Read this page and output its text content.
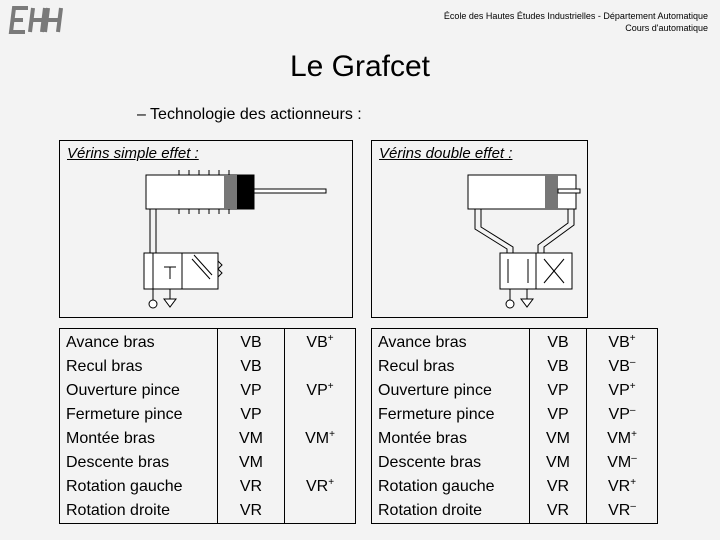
École des Hautes Études Industrielles - Département Automatique
Cours d'automatique
Le Grafcet
– Technologie des actionneurs :
Vérins simple effet :	Vérins double effet :
Avance bras	VB	VB+
Recul bras	VB	
Ouverture pince	VP	VP+
Fermeture pince	VP	
Montée bras	VM	VM+
Descente bras	VM	
Rotation gauche	VR	VR+
Rotation droite	VR	
Avance bras	VB	VB+
Recul bras	VB	VB–
Ouverture pince	VP	VP+
Fermeture pince	VP	VP–
Montée bras	VM	VM+
Descente bras	VM	VM–
Rotation gauche	VR	VR+
Rotation droite	VR	VR–
